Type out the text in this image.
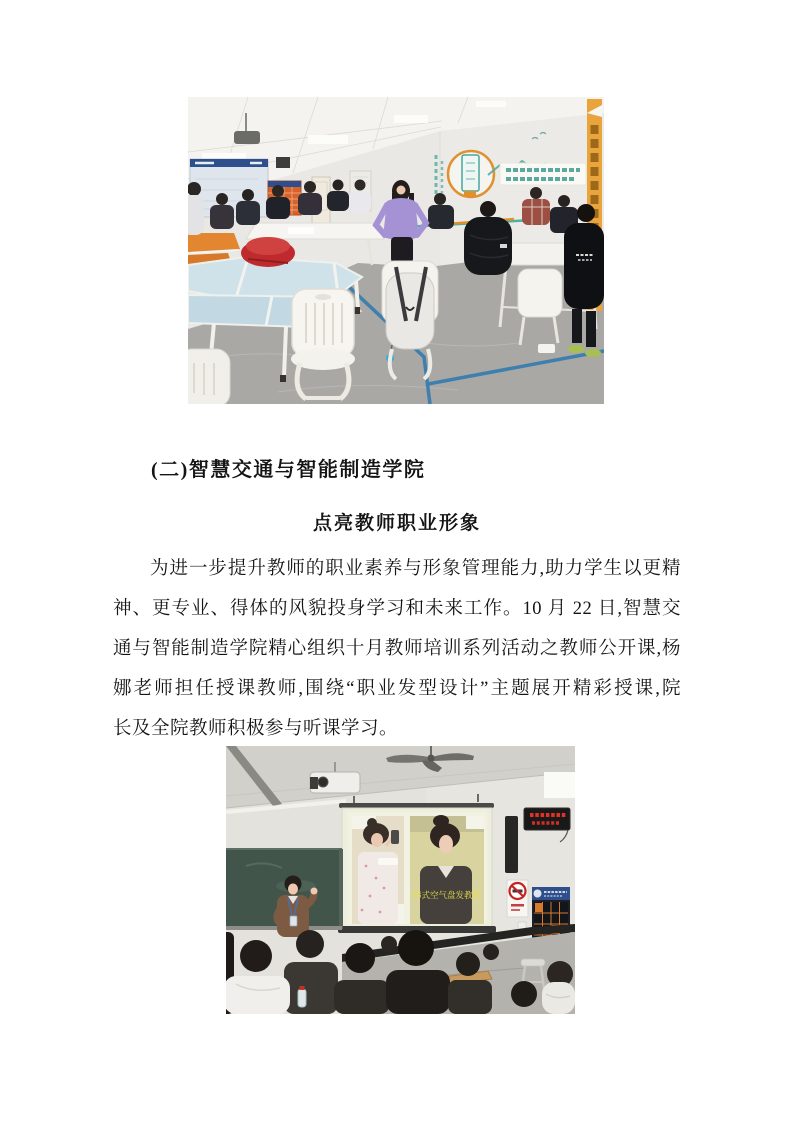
(二)智慧交通与智能制造学院
点亮教师职业形象
为进一步提升教师的职业素养与形象管理能力,助力学生以更精
神、更专业、得体的风貌投身学习和未来工作。10 月 22 日,智慧交
通与智能制造学院精心组织十月教师培训系列活动之教师公开课,杨
娜老师担任授课教师,围绕“职业发型设计”主题展开精彩授课,院
长及全院教师积极参与听课学习。
韩式空气盘发教程
